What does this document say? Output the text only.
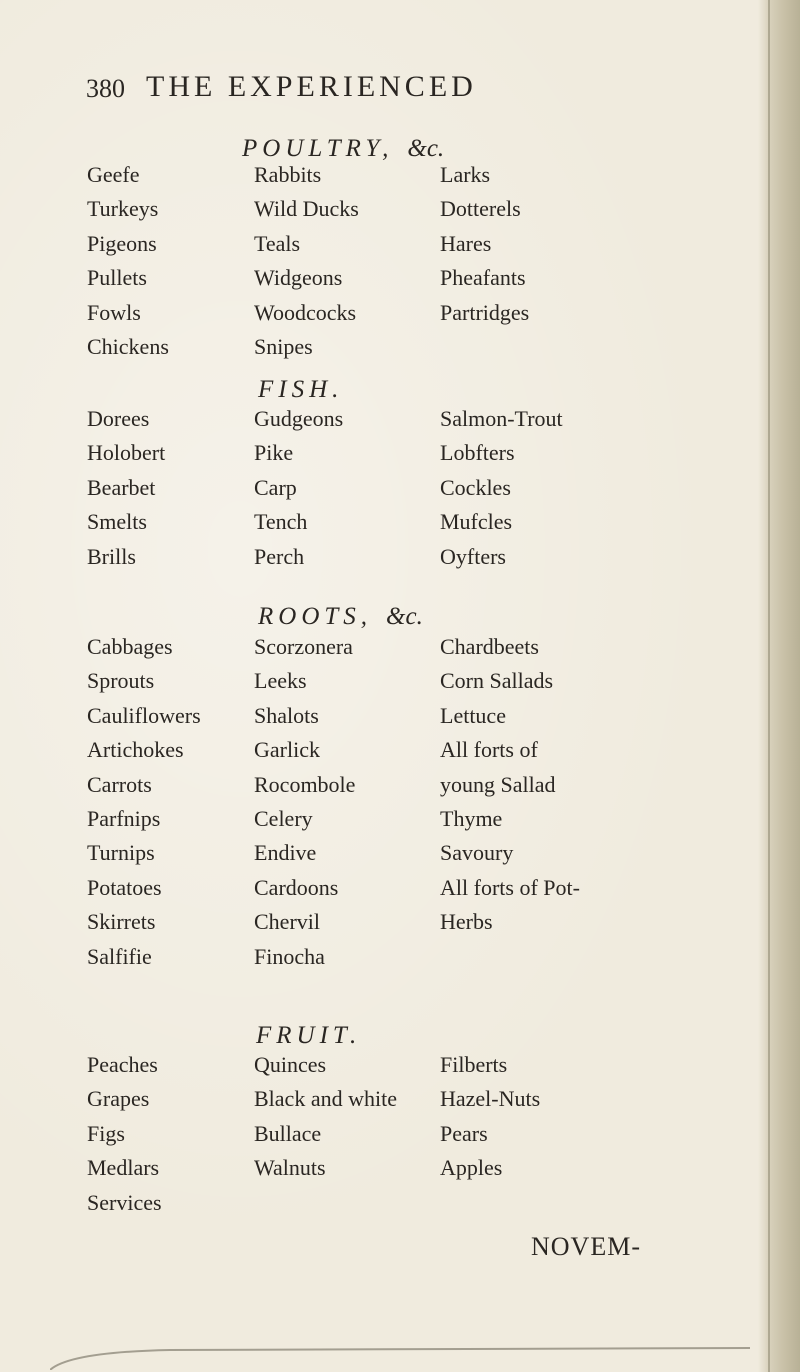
380 THE EXPERIENCED
POULTRY, &c.
Geefe
Turkeys
Pigeons
Pullets
Fowls
Chickens
Rabbits
Wild Ducks
Teals
Widgeons
Woodcocks
Snipes
Larks
Dotterels
Hares
Pheafants
Partridges
FISH.
Dorees
Holobert
Bearbet
Smelts
Brills
Gudgeons
Pike
Carp
Tench
Perch
Salmon-Trout
Lobfters
Cockles
Mufcles
Oyfters
ROOTS, &c.
Cabbages
Sprouts
Cauliflowers
Artichokes
Carrots
Parfnips
Turnips
Potatoes
Skirrets
Salfifie
Scorzonera
Leeks
Shalots
Garlick
Rocombole
Celery
Endive
Cardoons
Chervil
Finocha
Chardbeets
Corn Sallads
Lettuce
All forts of
young Sallad
Thyme
Savoury
All forts of Pot-
Herbs
FRUIT.
Peaches
Grapes
Figs
Medlars
Services
Quinces
Black and white
Bullace
Walnuts
Filberts
Hazel-Nuts
Pears
Apples
NOVEM-
